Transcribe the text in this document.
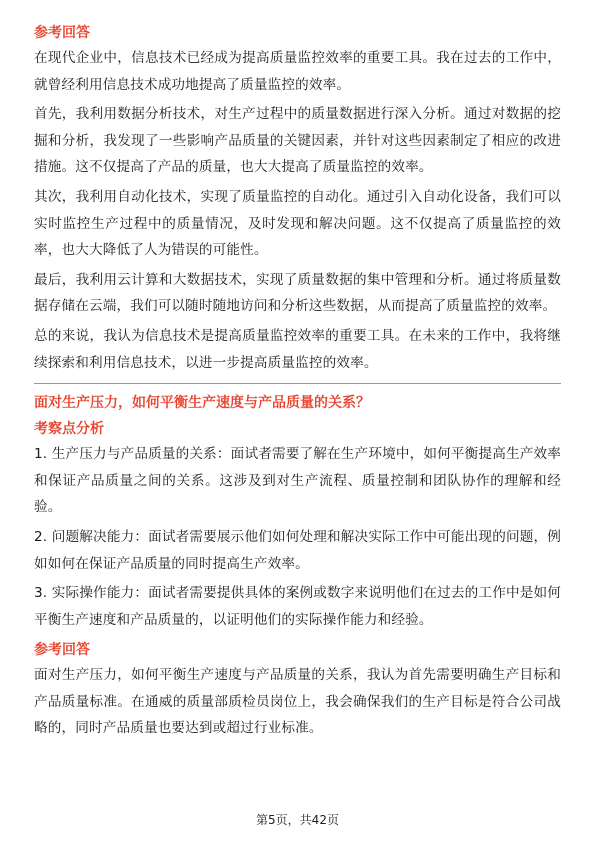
参考回答

在现代企业中，信息技术已经成为提高质量监控效率的重要工具。我在过去的工作中，就曾经利用信息技术成功地提高了质量监控的效率。

首先，我利用数据分析技术，对生产过程中的质量数据进行深入分析。通过对数据的挖掘和分析，我发现了一些影响产品质量的关键因素，并针对这些因素制定了相应的改进措施。这不仅提高了产品的质量，也大大提高了质量监控的效率。

其次，我利用自动化技术，实现了质量监控的自动化。通过引入自动化设备，我们可以实时监控生产过程中的质量情况，及时发现和解决问题。这不仅提高了质量监控的效率，也大大降低了人为错误的可能性。

最后，我利用云计算和大数据技术，实现了质量数据的集中管理和分析。通过将质量数据存储在云端，我们可以随时随地访问和分析这些数据，从而提高了质量监控的效率。

总的来说，我认为信息技术是提高质量监控效率的重要工具。在未来的工作中，我将继续探索和利用信息技术，以进一步提高质量监控的效率。

面对生产压力，如何平衡生产速度与产品质量的关系？
考察点分析

1. 生产压力与产品质量的关系：面试者需要了解在生产环境中，如何平衡提高生产效率和保证产品质量之间的关系。这涉及到对生产流程、质量控制和团队协作的理解和经验。

2. 问题解决能力：面试者需要展示他们如何处理和解决实际工作中可能出现的问题，例如如何在保证产品质量的同时提高生产效率。

3. 实际操作能力：面试者需要提供具体的案例或数字来说明他们在过去的工作中是如何平衡生产速度和产品质量的，以证明他们的实际操作能力和经验。

参考回答

面对生产压力，如何平衡生产速度与产品质量的关系，我认为首先需要明确生产目标和产品质量标准。在通威的质量部质检员岗位上，我会确保我们的生产目标是符合公司战略的，同时产品质量也要达到或超过行业标准。

第5页，共42页
